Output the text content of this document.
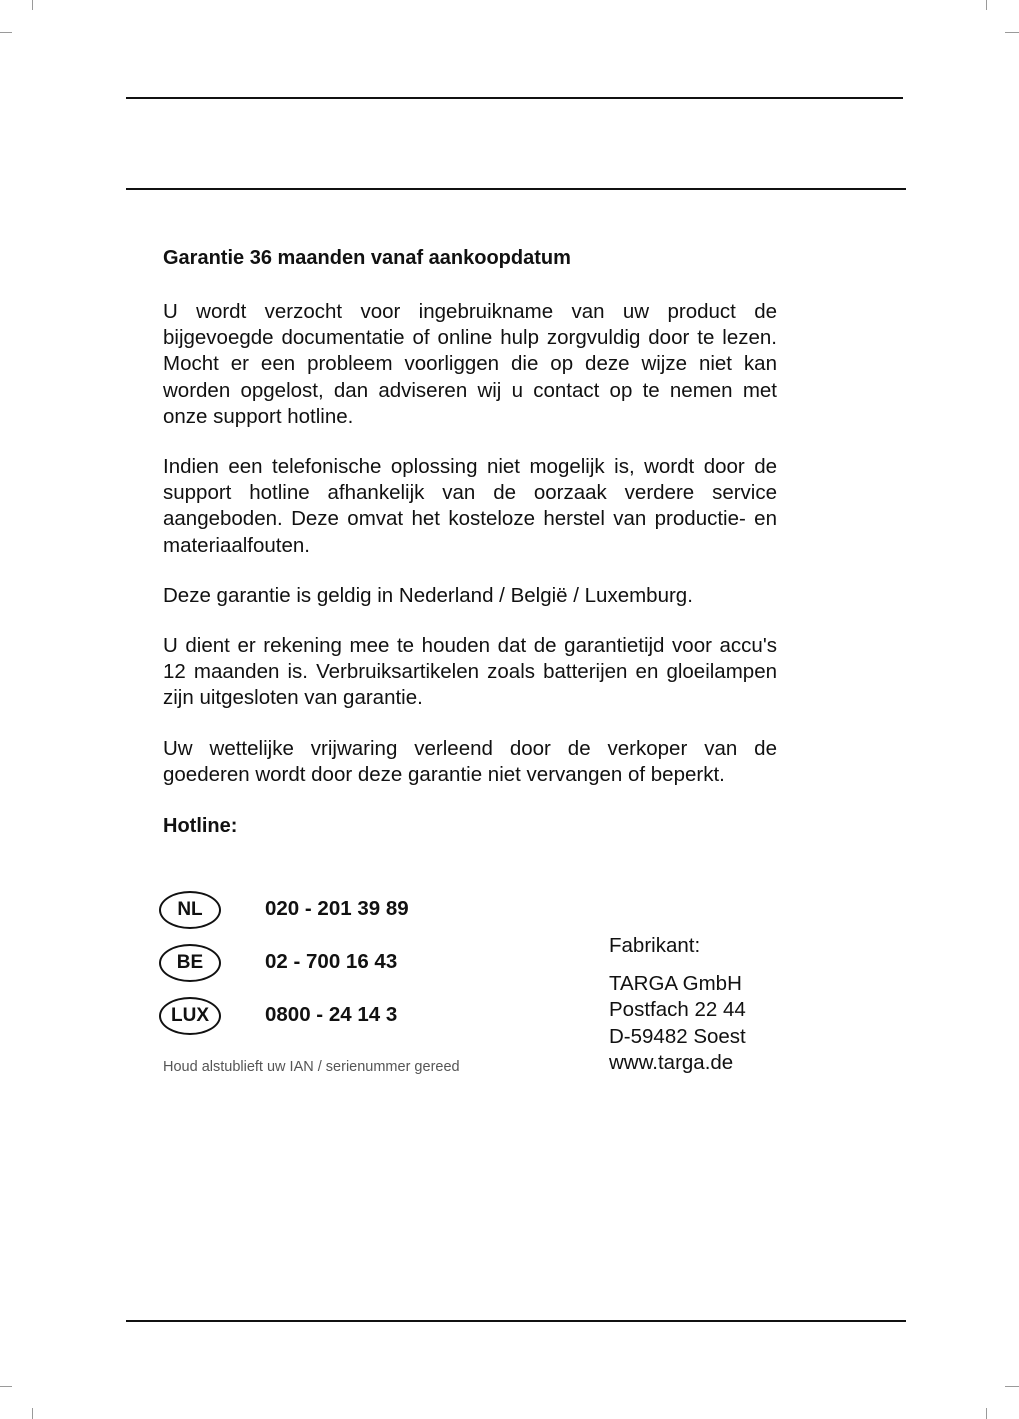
Garantie 36 maanden vanaf aankoopdatum

U wordt verzocht voor ingebruikname van uw product de bijgevoegde documentatie of online hulp zorgvuldig door te lezen. Mocht er een probleem voorliggen die op deze wijze niet kan worden opgelost, dan adviseren wij u contact op te nemen met onze support hotline.

Indien een telefonische oplossing niet mogelijk is, wordt door de support hotline afhankelijk van de oorzaak verdere service aangeboden. Deze omvat het kosteloze herstel van productie- en materiaalfouten.

Deze garantie is geldig in Nederland / België / Luxemburg.

U dient er rekening mee te houden dat de garantietijd voor accu's 12 maanden is. Verbruiksartikelen zoals batterijen en gloeilampen zijn uitgesloten van garantie.

Uw wettelijke vrijwaring verleend door de verkoper van de goederen wordt door deze garantie niet vervangen of beperkt.

Hotline:
NL	020 - 201 39 89
BE	02 - 700 16 43
LUX	0800 - 24 14 3
Houd alstublieft uw IAN / serienummer gereed
Fabrikant:
TARGA GmbH
Postfach 22 44
D-59482 Soest
www.targa.de
